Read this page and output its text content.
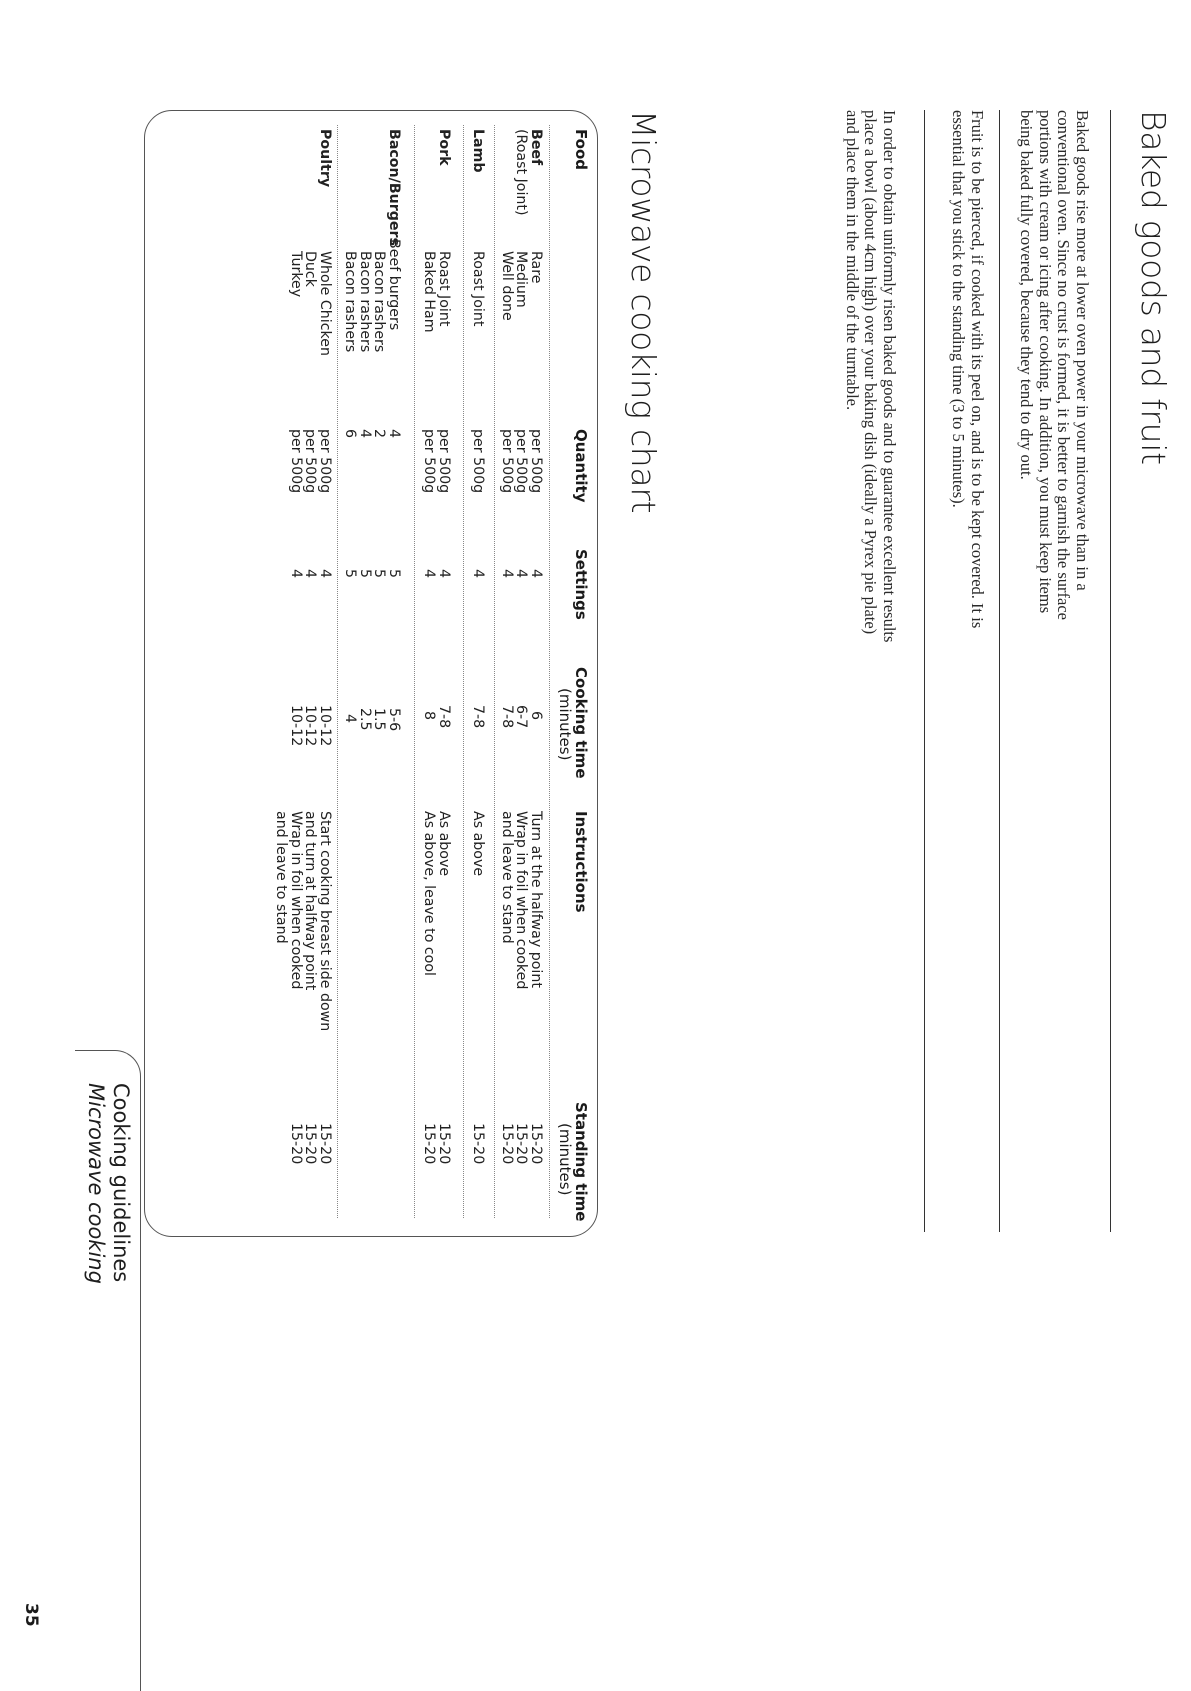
Baked goods and fruit
Baked goods rise more at lower oven power in your microwave than in a
conventional oven. Since no crust is formed, it is better to garnish the surface
portions with cream or icing after cooking. In addition, you must keep items
being baked fully covered, because they tend to dry out.
Fruit is to be pierced, if cooked with its peel on, and is to be kept covered. It is
essential that you stick to the standing time (3 to 5 minutes).
In order to obtain uniformly risen baked goods and to guarantee excellent results
place a bowl (about 4cm high) over your baking dish (ideally a Pyrex pie plate)
and place them in the middle of the turntable.
Microwave cooking chart
Food
Quantity
Settings
Cooking time
(minutes)
Instructions
Standing time
(minutes)
Beef
(Roast Joint)
Rare
Medium
Well done
per 500g
per 500g
per 500g
4
4
4
6
6-7
7-8
Turn at the halfway point
Wrap in foil when cooked
and leave to stand
15-20
15-20
15-20
Lamb
Roast Joint
per 500g
4
7-8
As above
15-20
Pork
Roast Joint
Baked Ham
per 500g
per 500g
4
4
7-8
8
As above
As above, leave to cool
15-20
15-20
Bacon/Burgers
Beef burgers
Bacon rashers
Bacon rashers
Bacon rashers
4
2
4
6
5
5
5
5
5-6
1.5
2.5
4
Poultry
Whole Chicken
Duck
Turkey
per 500g
per 500g
per 500g
4
4
4
10-12
10-12
10-12
Start cooking breast side down
and turn at halfway point
Wrap in foil when cooked
and leave to stand
15-20
15-20
15-20
Cooking guidelines
Microwave cooking
35
